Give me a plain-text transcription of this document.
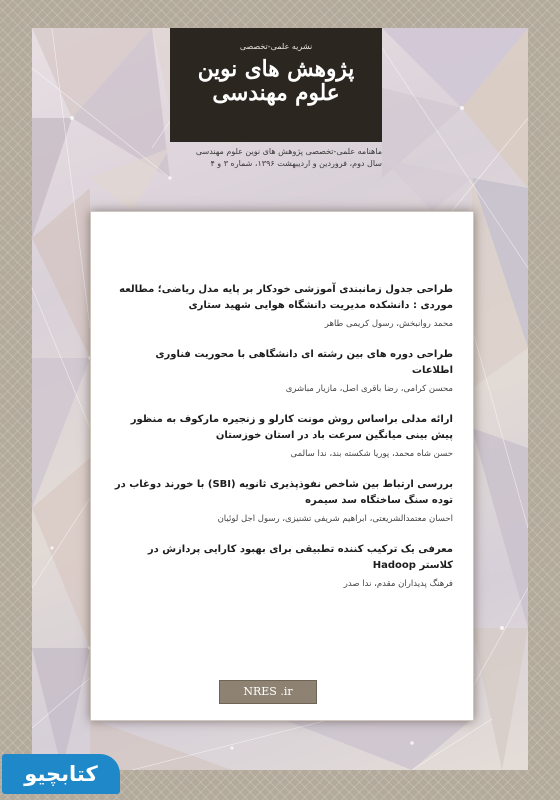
نشریه علمی-تخصصی
پژوهش های نوین
علوم مهندسی
ماهنامه علمی-تخصصی پژوهش های نوین علوم مهندسی
سال دوم، فروردین و اردیبهشت ۱۳۹۶، شماره ۳ و ۴
طراحی جدول زمانبندی آموزشی خودکار بر پایه مدل ریاضی؛ مطالعه موردی : دانشکده مدیریت دانشگاه هوایی شهید ستاری
محمد روانبخش، رسول کریمی طاهر
طراحی دوره های بین رشته ای دانشگاهی با محوریت فناوری اطلاعات
محسن کرامی، رضا باقری اصل، مازیار مباشری
ارائه مدلی براساس روش مونت کارلو و زنجیره مارکوف به منظور پیش بینی میانگین سرعت باد در استان خوزستان
حسن شاه محمد، پوریا شکسته بند، ندا سالمی
بررسی ارتباط بین شاخص نفوذپذیری ثانویه (SBI) با خورند دوغاب در توده سنگ ساختگاه سد سیمره
احسان معتمدالشریعتی، ابراهیم شریفی تشنیزی، رسول اجل لوئیان
معرفی یک ترکیب کننده تطبیقی برای بهبود کارایی پردازش در کلاستر Hadoop
فرهنگ پدیداران مقدم، ندا صدر
NRES .ir
کتابچیو
